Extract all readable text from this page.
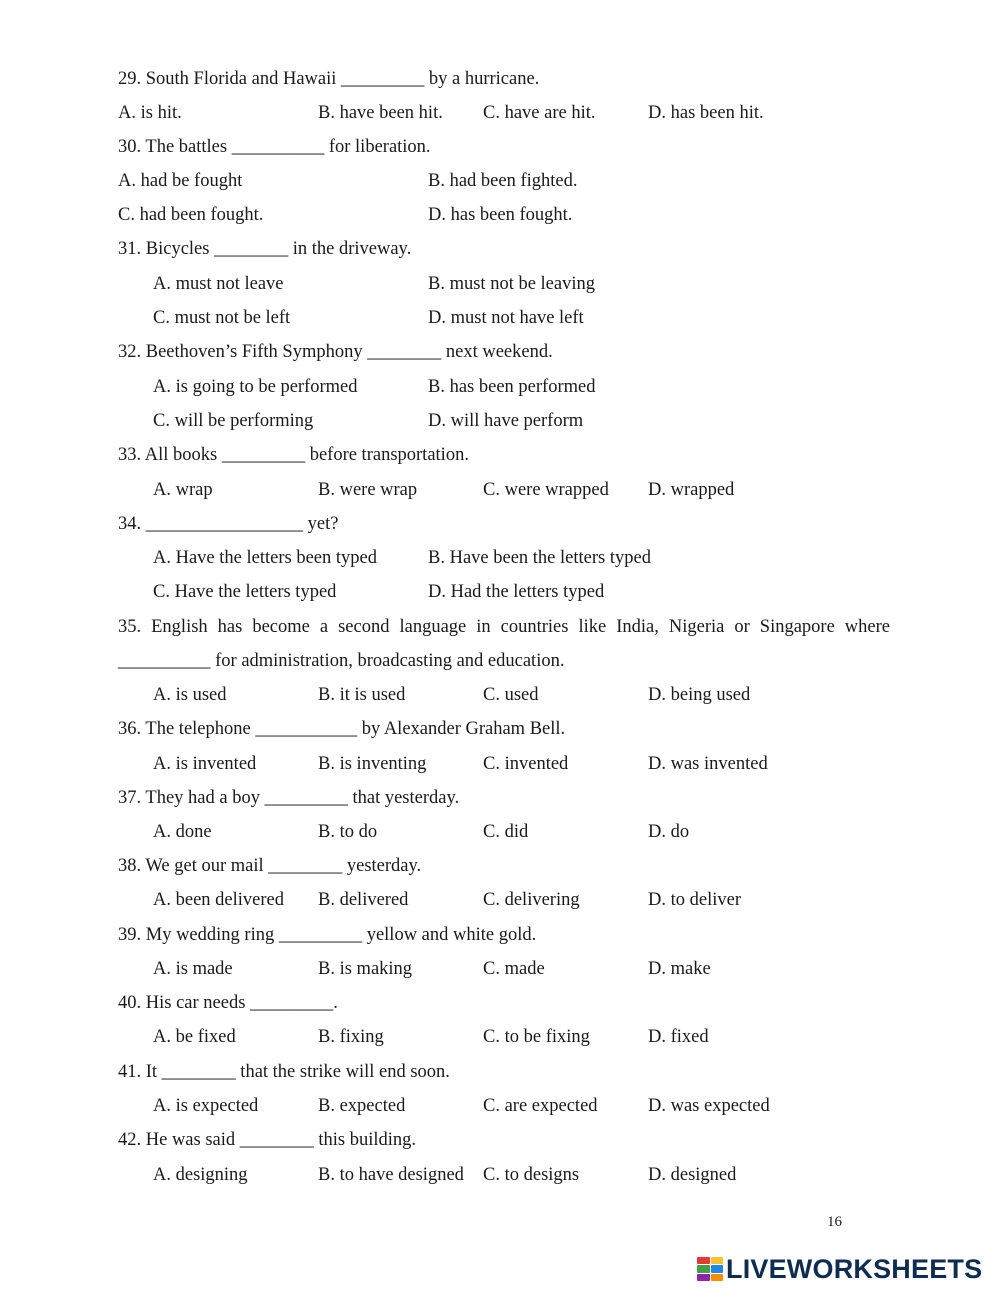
29. South Florida and Hawaii _________ by a hurricane.

A. is hit.

	B. have been hit.

C. have are hit.

	D. has been hit.

30. The battles __________ for liberation.

A. had be fought

	B. had been fighted.

C. had been fought.

	D. has been fought.

31. Bicycles ________ in the driveway.

A. must not leave

	B. must not be leaving

C. must not be left

	D. must not have left

32. Beethoven’s Fifth Symphony ________ next weekend.

A. is going to be performed

	B. has been performed

C. will be performing

	D. will have perform

33. All books _________ before transportation.

A. wrap

	B. were wrap

	C. were wrapped

D. wrapped

34. _________________ yet?

A. Have the letters been typed

	B. Have been the letters typed

C. Have the letters typed

	D. Had the letters typed

35. English has become a second language in countries like India, Nigeria or Singapore where

__________ for administration, broadcasting and education.

A. is used

	B. it is used

	C. used

	D. being used

36. The telephone ___________ by Alexander Graham Bell.

A. is invented

	B. is inventing

	C. invented

	D. was invented

37. They had a boy _________ that yesterday.

A. done

	B. to do

	C. did

	D. do

38. We get our mail ________ yesterday.

A. been delivered

B. delivered

	C. delivering

	D. to deliver

39. My wedding ring _________ yellow and white gold.

A. is made

	B. is making

	C. made

	D. make

40. His car needs _________.

A. be fixed

	B. fixing

	C. to be fixing

	D. fixed

41. It ________ that the strike will end soon.

A. is expected

	B. expected

	C. are expected

	D. was expected

42. He was said ________ this building.

A. designing

	B. to have designed

C. to designs

	D. designed

16
LIVEWORKSHEETS
